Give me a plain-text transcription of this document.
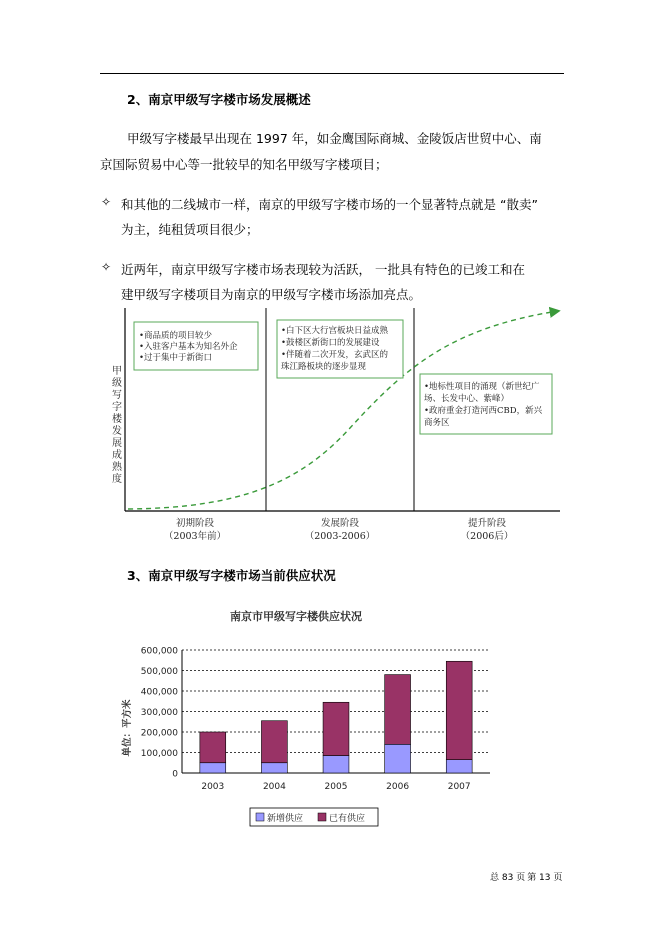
2、南京甲级写字楼市场发展概述
甲级写字楼最早出现在 1997 年，如金鹰国际商城、金陵饭店世贸中心、南
京国际贸易中心等一批较早的知名甲级写字楼项目；
✧ 和其他的二线城市一样，南京的甲级写字楼市场的一个显著特点就是 “散卖”
为主，纯租赁项目很少；
✧ 近两年，南京甲级写字楼市场表现较为活跃， 一批具有特色的已竣工和在
建甲级写字楼项目为南京的甲级写字楼市场添加亮点。
甲
级
写
字
楼
发
展
成
熟
度
•商品质的项目较少
•入驻客户基本为知名外企
•过于集中于新街口
•白下区大行宫板块日益成熟
•鼓楼区新街口的发展建设
•伴随着二次开发，玄武区的
珠江路板块的逐步显现
•地标性项目的涌现（新世纪广
场、长发中心、紫峰）
•政府重金打造河西CBD，新兴
商务区
初期阶段
（2003年前）
发展阶段
（2003-2006）
提升阶段
（2006后）
3、南京甲级写字楼市场当前供应状况
南京市甲级写字楼供应状况
单位：平方米
0
100,000
200,000
300,000
400,000
500,000
600,000
2003	2004	2005	2006	2007
新增供应	已有供应
总 83 页 第 13 页
